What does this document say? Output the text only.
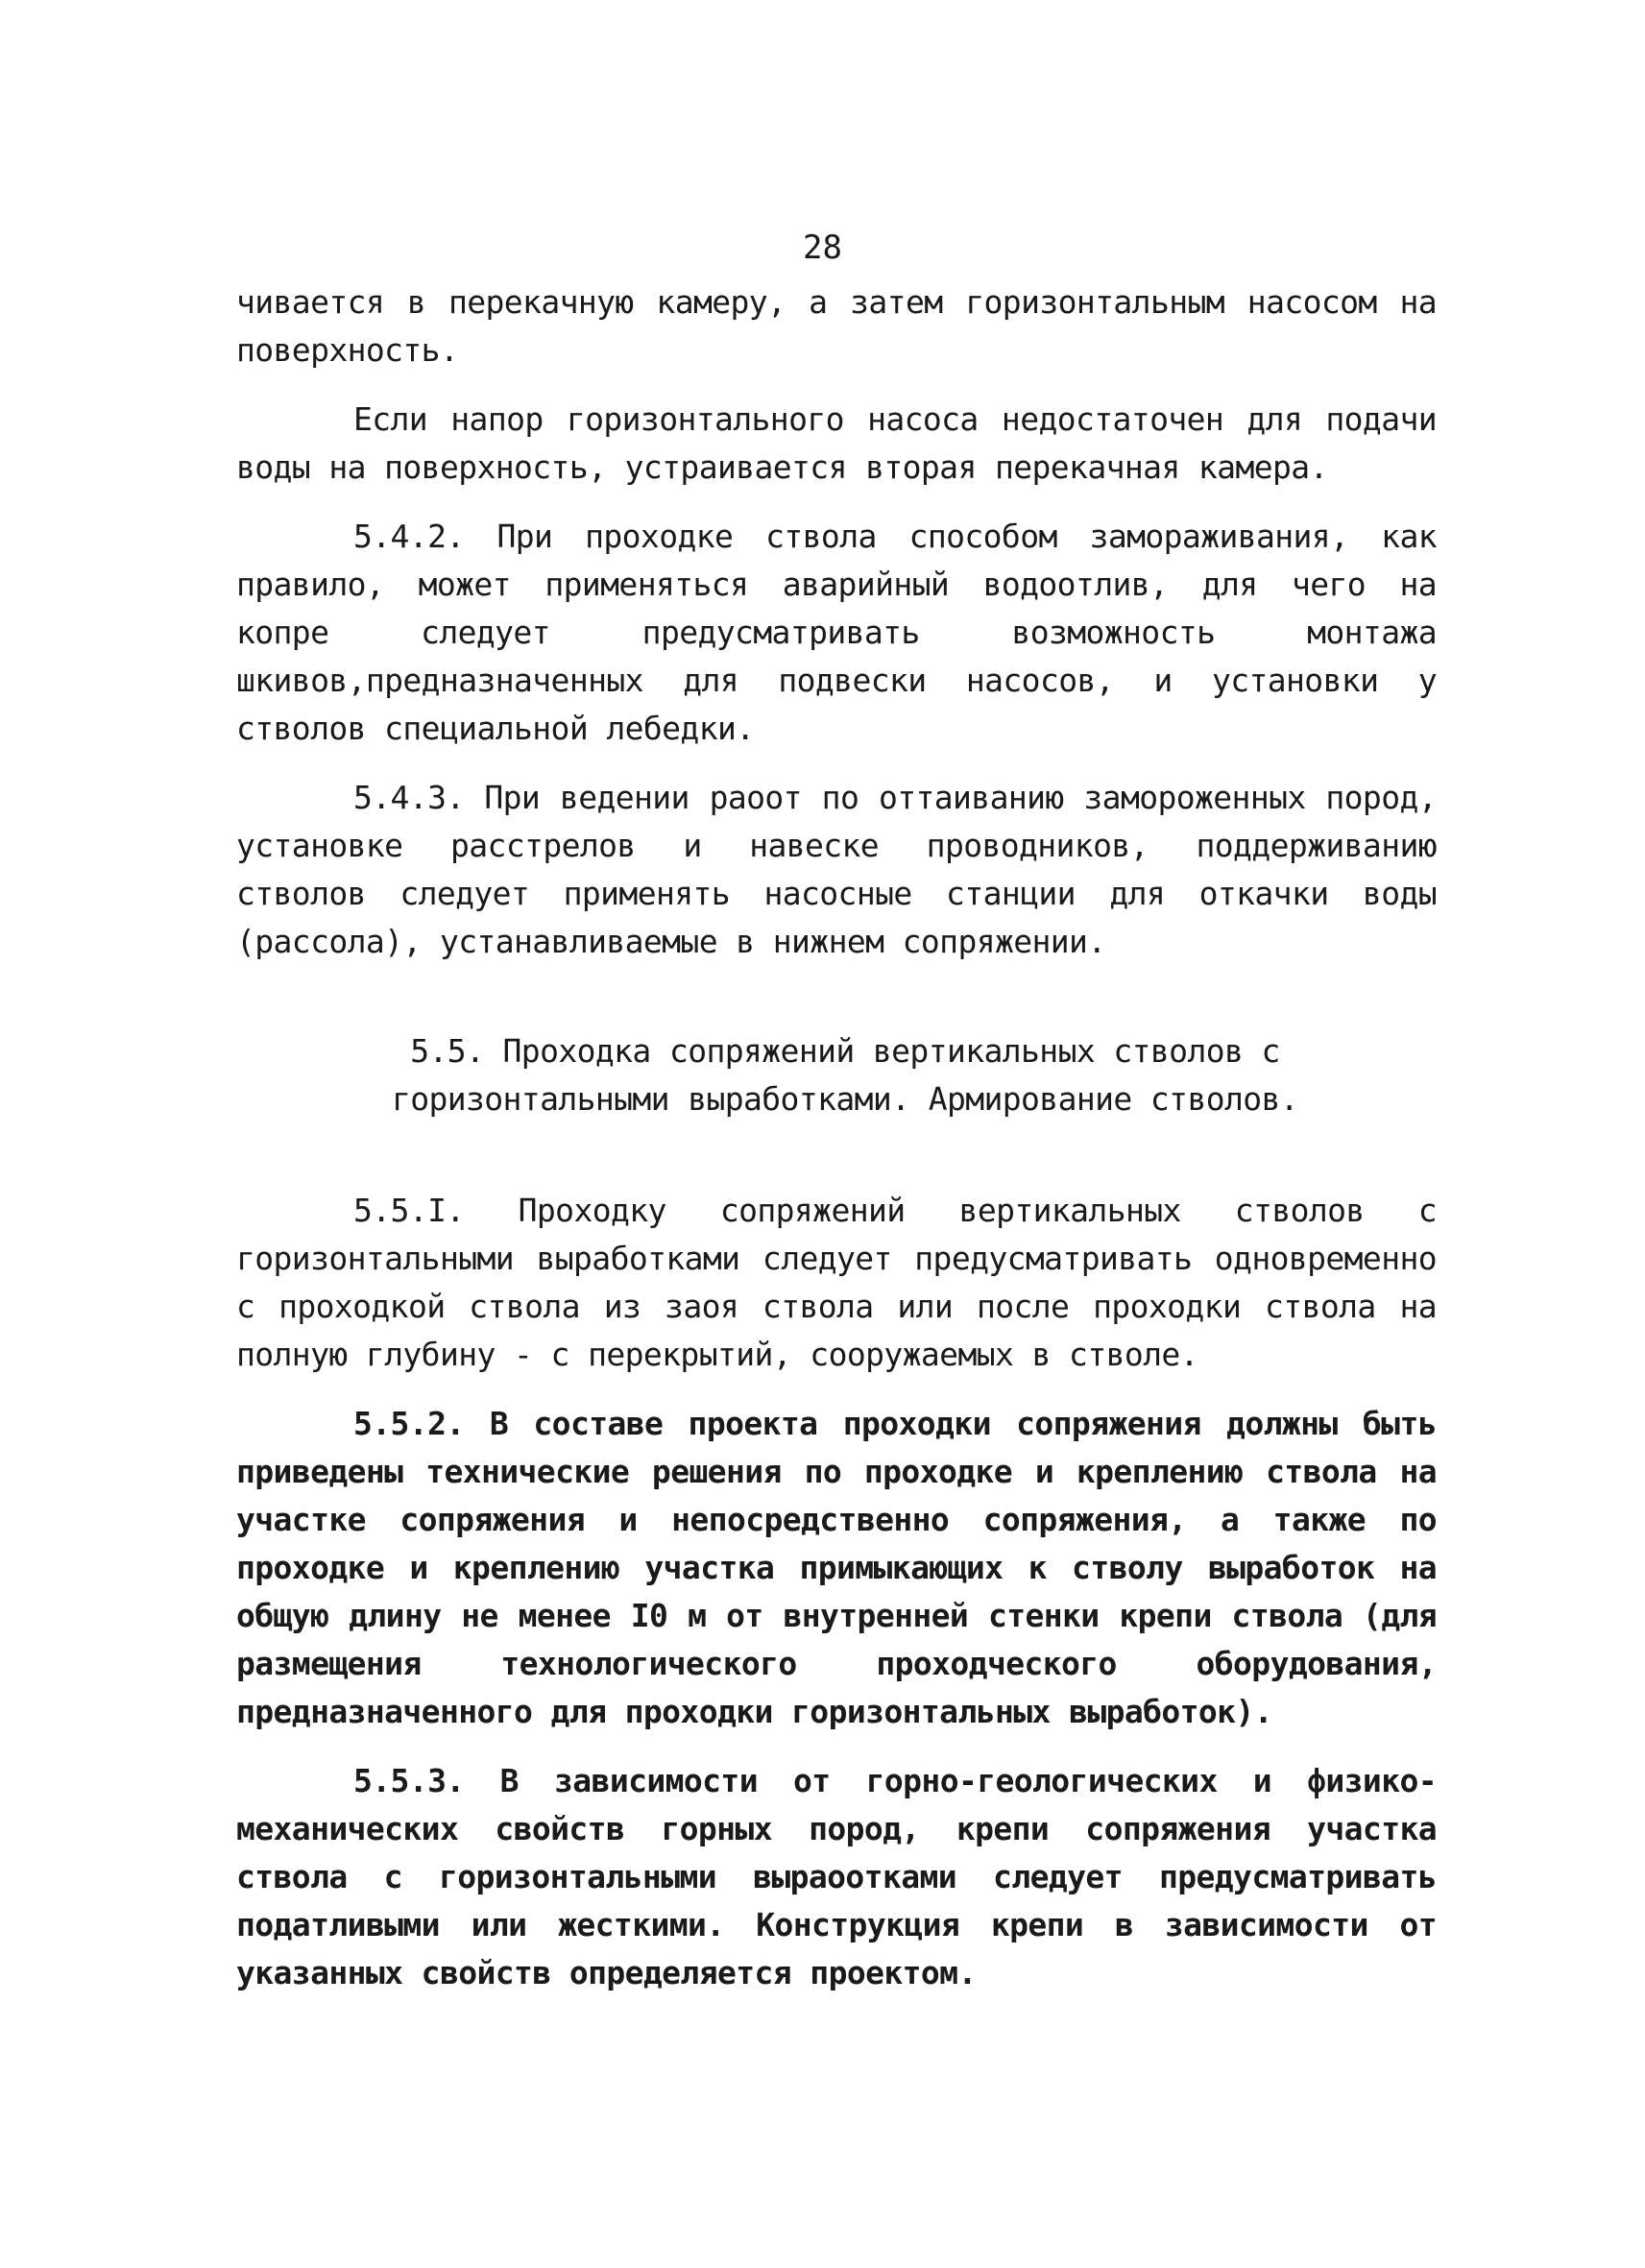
28

чивается в перекачную камеру, а затем горизонтальным насосом на поверхность.

Если напор горизонтального насоса недостаточен для подачи воды на поверхность, устраивается вторая перекачная камера.

5.4.2. При проходке ствола способом замораживания, как правило, может применяться аварийный водоотлив, для чего на копре следует предусматривать возможность монтажа шкивов,предназначенных для подвески насосов, и установки у стволов специальной лебедки.

5.4.3. При ведении раоот по оттаиванию замороженных пород, установке расстрелов и навеске проводников, поддерживанию стволов следует применять насосные станции для откачки воды (рассола), устанавливаемые в нижнем сопряжении.

5.5. Проходка сопряжений вертикальных стволов с горизонтальными выработками. Армирование стволов.

5.5.I. Проходку сопряжений вертикальных стволов с горизонтальными выработками следует предусматривать одновременно с проходкой ствола из заоя ствола или после проходки ствола на полную глубину - с перекрытий, сооружаемых в стволе.

5.5.2. В составе проекта проходки сопряжения должны быть приведены технические решения по проходке и креплению ствола на участке сопряжения и непосредственно сопряжения, а также по проходке и креплению участка примыкающих к стволу выработок на общую длину не менее I0 м от внутренней стенки крепи ствола (для размещения технологического проходческого оборудования, предназначенного для проходки горизонтальных выработок).

5.5.3. В зависимости от горно-геологических и физико-механических свойств горных пород, крепи сопряжения участка ствола с горизонтальными выраоотками следует предусматривать податливыми или жесткими. Конструкция крепи в зависимости от указанных свойств определяется проектом.
